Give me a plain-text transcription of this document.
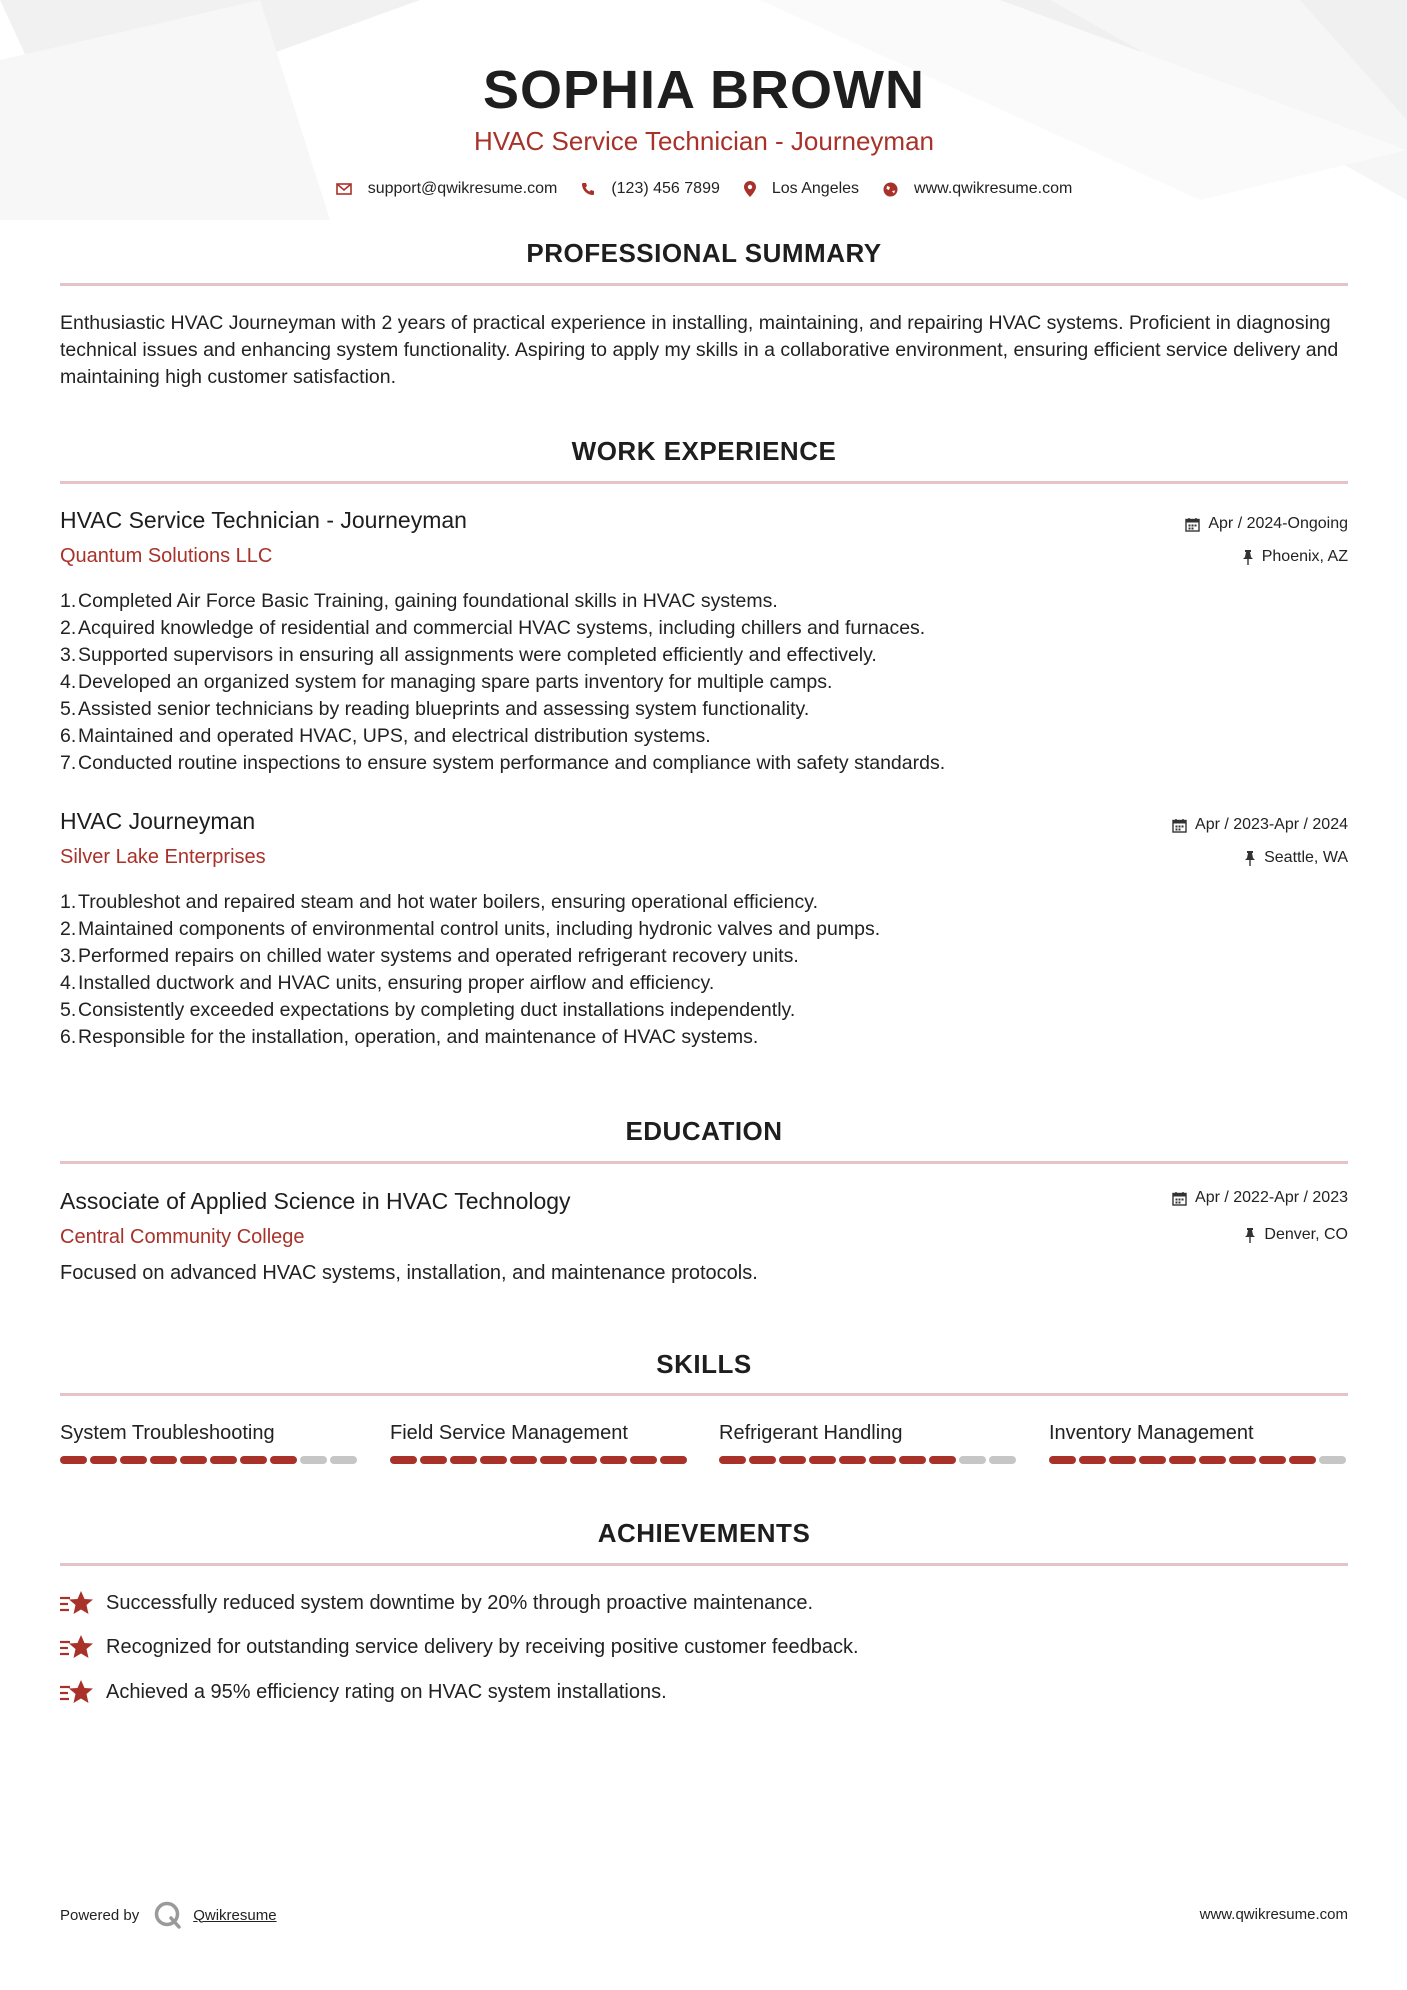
SOPHIA BROWN
HVAC Service Technician - Journeyman
support@qwikresume.com	(123) 456 7899	Los Angeles	www.qwikresume.com
PROFESSIONAL SUMMARY
Enthusiastic HVAC Journeyman with 2 years of practical experience in installing, maintaining, and repairing HVAC systems. Proficient in diagnosing technical issues and enhancing system functionality. Aspiring to apply my skills in a collaborative environment, ensuring efficient service delivery and maintaining high customer satisfaction.
WORK EXPERIENCE
HVAC Service Technician - Journeyman
Quantum Solutions LLC
Apr / 2024-Ongoing
Phoenix, AZ
1. Completed Air Force Basic Training, gaining foundational skills in HVAC systems.
2. Acquired knowledge of residential and commercial HVAC systems, including chillers and furnaces.
3. Supported supervisors in ensuring all assignments were completed efficiently and effectively.
4. Developed an organized system for managing spare parts inventory for multiple camps.
5. Assisted senior technicians by reading blueprints and assessing system functionality.
6. Maintained and operated HVAC, UPS, and electrical distribution systems.
7. Conducted routine inspections to ensure system performance and compliance with safety standards.
HVAC Journeyman
Silver Lake Enterprises
Apr / 2023-Apr / 2024
Seattle, WA
1. Troubleshot and repaired steam and hot water boilers, ensuring operational efficiency.
2. Maintained components of environmental control units, including hydronic valves and pumps.
3. Performed repairs on chilled water systems and operated refrigerant recovery units.
4. Installed ductwork and HVAC units, ensuring proper airflow and efficiency.
5. Consistently exceeded expectations by completing duct installations independently.
6. Responsible for the installation, operation, and maintenance of HVAC systems.
EDUCATION
Associate of Applied Science in HVAC Technology
Central Community College
Apr / 2022-Apr / 2023
Denver, CO
Focused on advanced HVAC systems, installation, and maintenance protocols.
SKILLS
System Troubleshooting	Field Service Management	Refrigerant Handling	Inventory Management
ACHIEVEMENTS
Successfully reduced system downtime by 20% through proactive maintenance.
Recognized for outstanding service delivery by receiving positive customer feedback.
Achieved a 95% efficiency rating on HVAC system installations.
Powered by	Qwikresume	www.qwikresume.com
